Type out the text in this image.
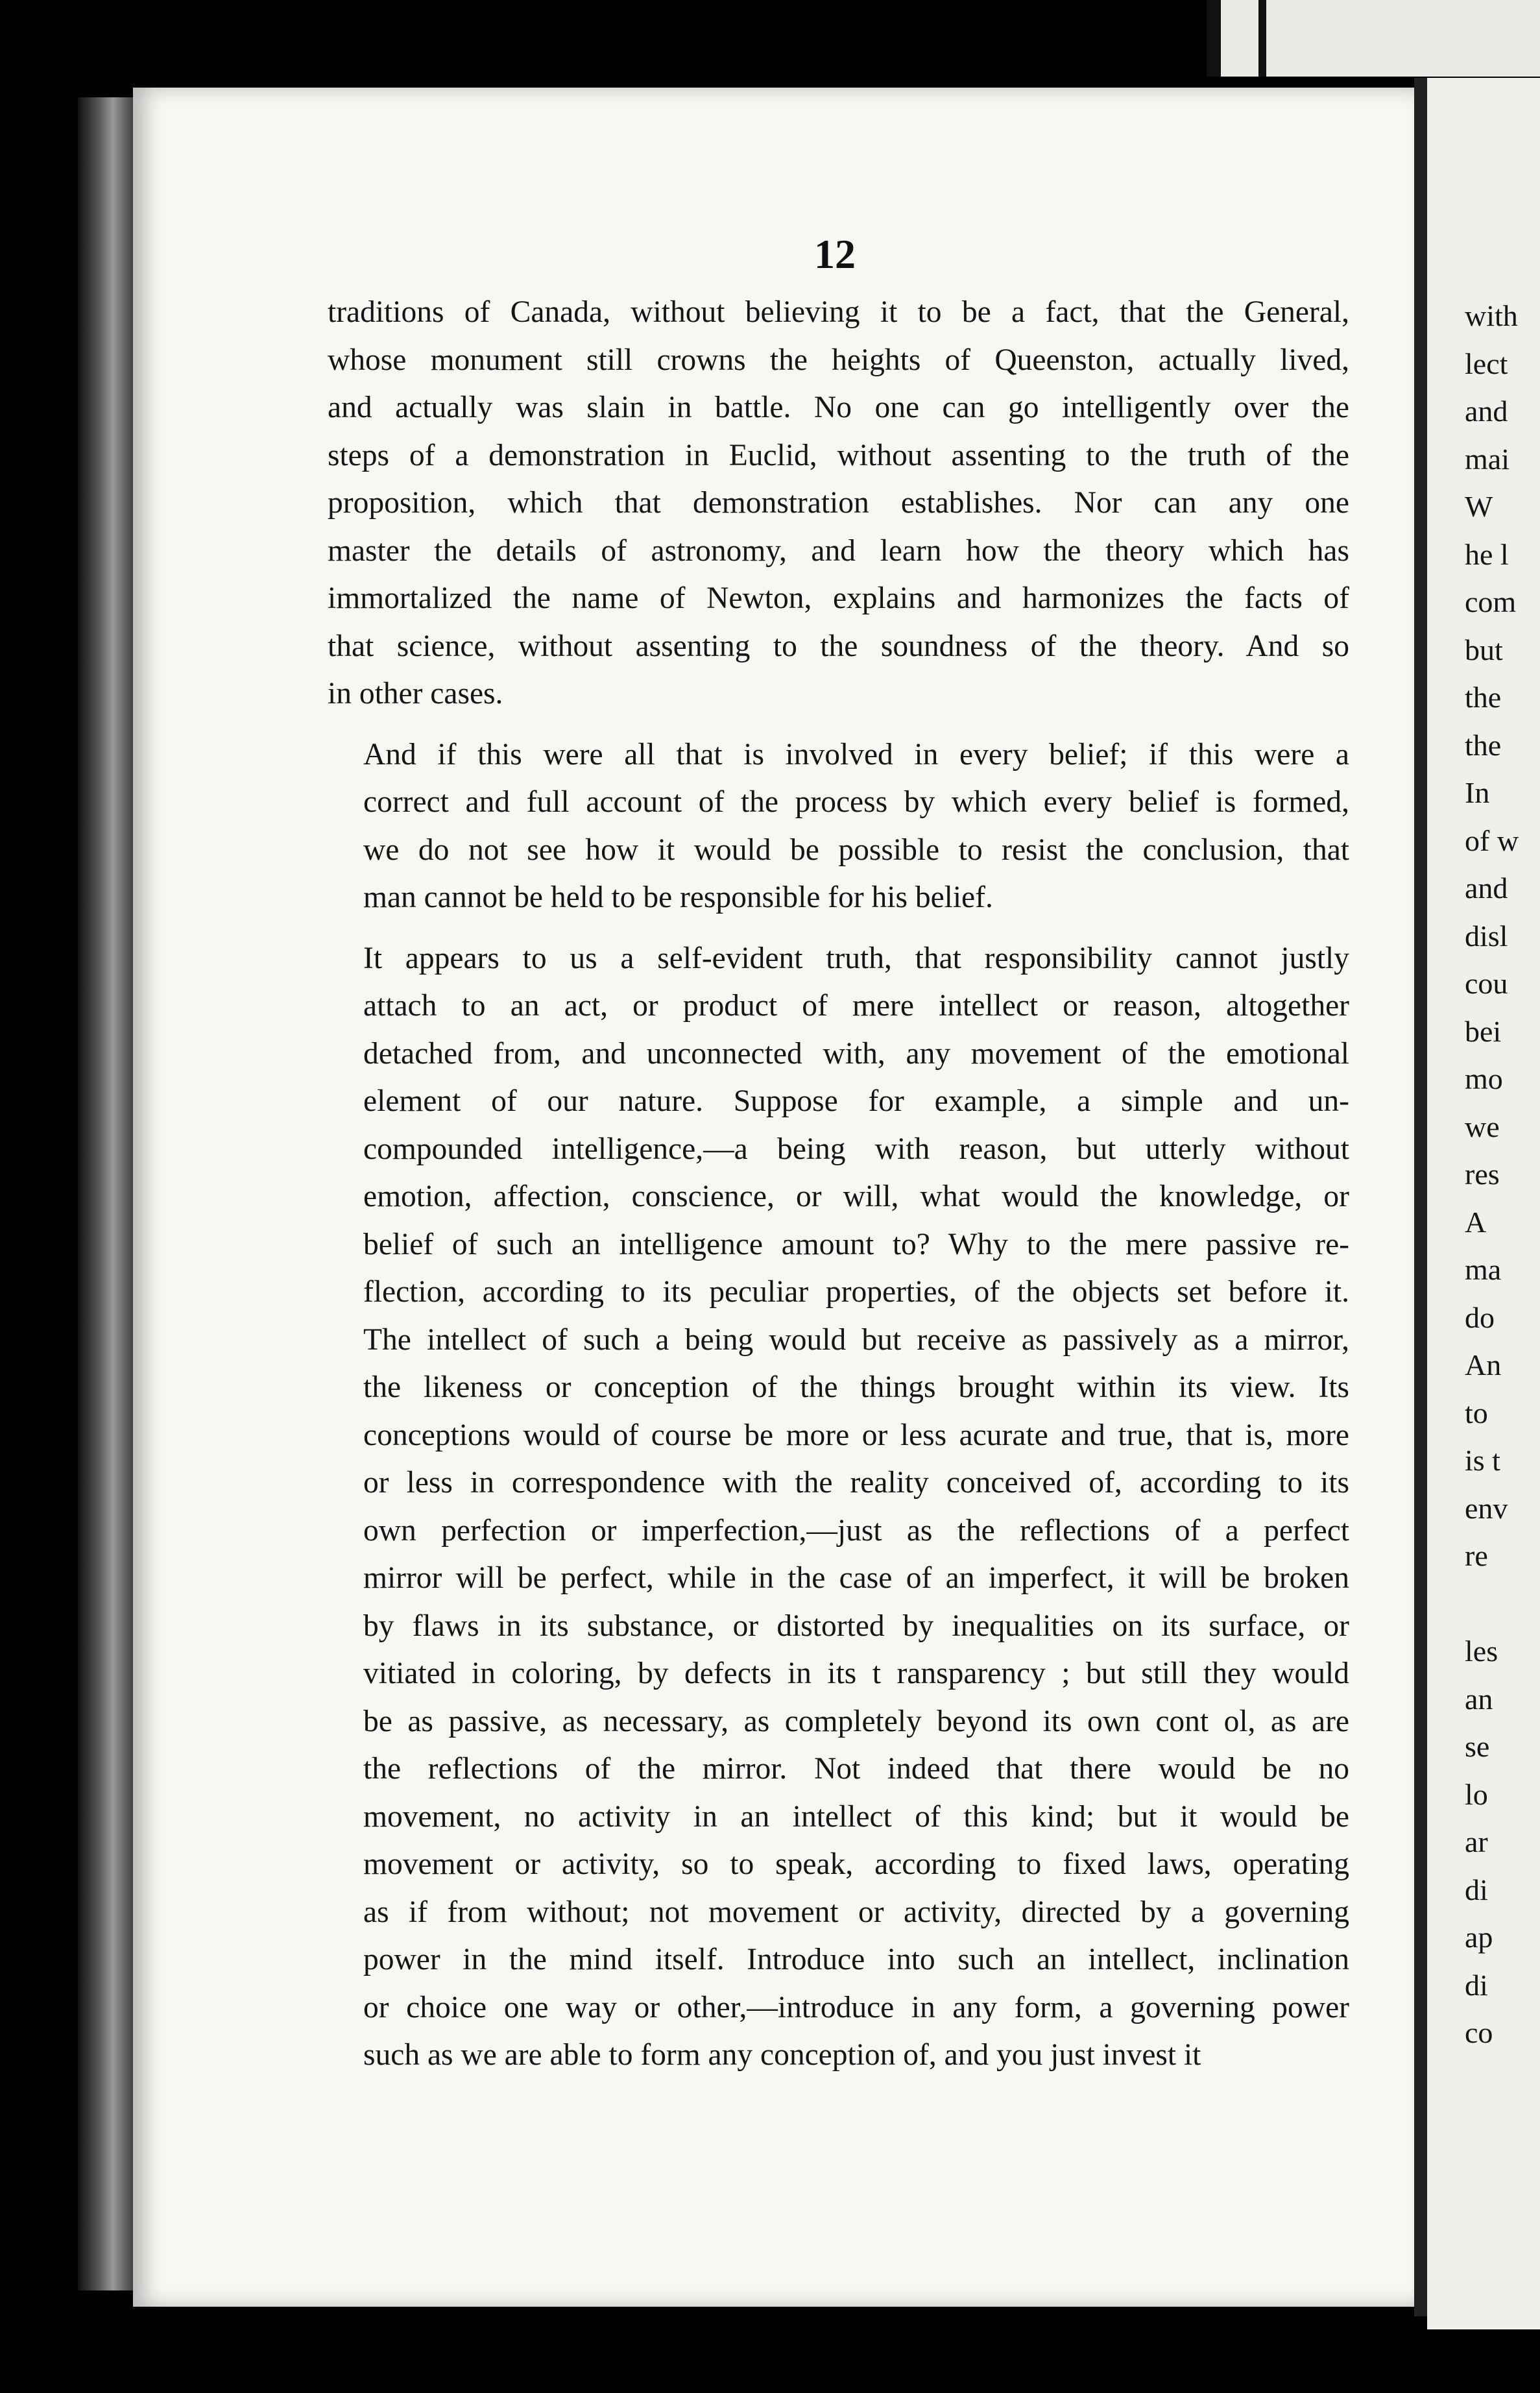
12

traditions of Canada, without believing it to be a fact, that the General,
whose monument still crowns the heights of Queenston, actually lived,
and actually was slain in battle. No one can go intelligently over the
steps of a demonstration in Euclid, without assenting to the truth of the
proposition, which that demonstration establishes. Nor can any one
master the details of astronomy, and learn how the theory which has
immortalized the name of Newton, explains and harmonizes the facts of
that science, without assenting to the soundness of the theory. And so
in other cases.

And if this were all that is involved in every belief; if this were a
correct and full account of the process by which every belief is formed,
we do not see how it would be possible to resist the conclusion, that
man cannot be held to be responsible for his belief.

It appears to us a self-evident truth, that responsibility cannot justly
attach to an act, or product of mere intellect or reason, altogether
detached from, and unconnected with, any movement of the emotional
element of our nature. Suppose for example, a simple and un-
compounded intelligence,—a being with reason, but utterly without
emotion, affection, conscience, or will, what would the knowledge, or
belief of such an intelligence amount to? Why to the mere passive re-
flection, according to its peculiar properties, of the objects set before it.
The intellect of such a being would but receive as passively as a mirror,
the likeness or conception of the things brought within its view. Its
conceptions would of course be more or less acurate and true, that is, more
or less in correspondence with the reality conceived of, according to its
own perfection or imperfection,—just as the reflections of a perfect
mirror will be perfect, while in the case of an imperfect, it will be broken
by flaws in its substance, or distorted by inequalities on its surface, or
vitiated in coloring, by defects in its t ransparency ; but still they would
be as passive, as necessary, as completely beyond its own cont ol, as are
the reflections of the mirror. Not indeed that there would be no
movement, no activity in an intellect of this kind; but it would be
movement or activity, so to speak, according to fixed laws, operating
as if from without; not movement or activity, directed by a governing
power in the mind itself. Introduce into such an intellect, inclination
or choice one way or other,—introduce in any form, a governing power
such as we are able to form any conception of, and you just invest it

with
lect
and
mai
W
he l
com
but
the
the
In
of w
and
disl
cou
bei
mo
we
res
A
ma
do
An
to
is t
env
re

les
an
se
lo
ar
di
ap
di
co
